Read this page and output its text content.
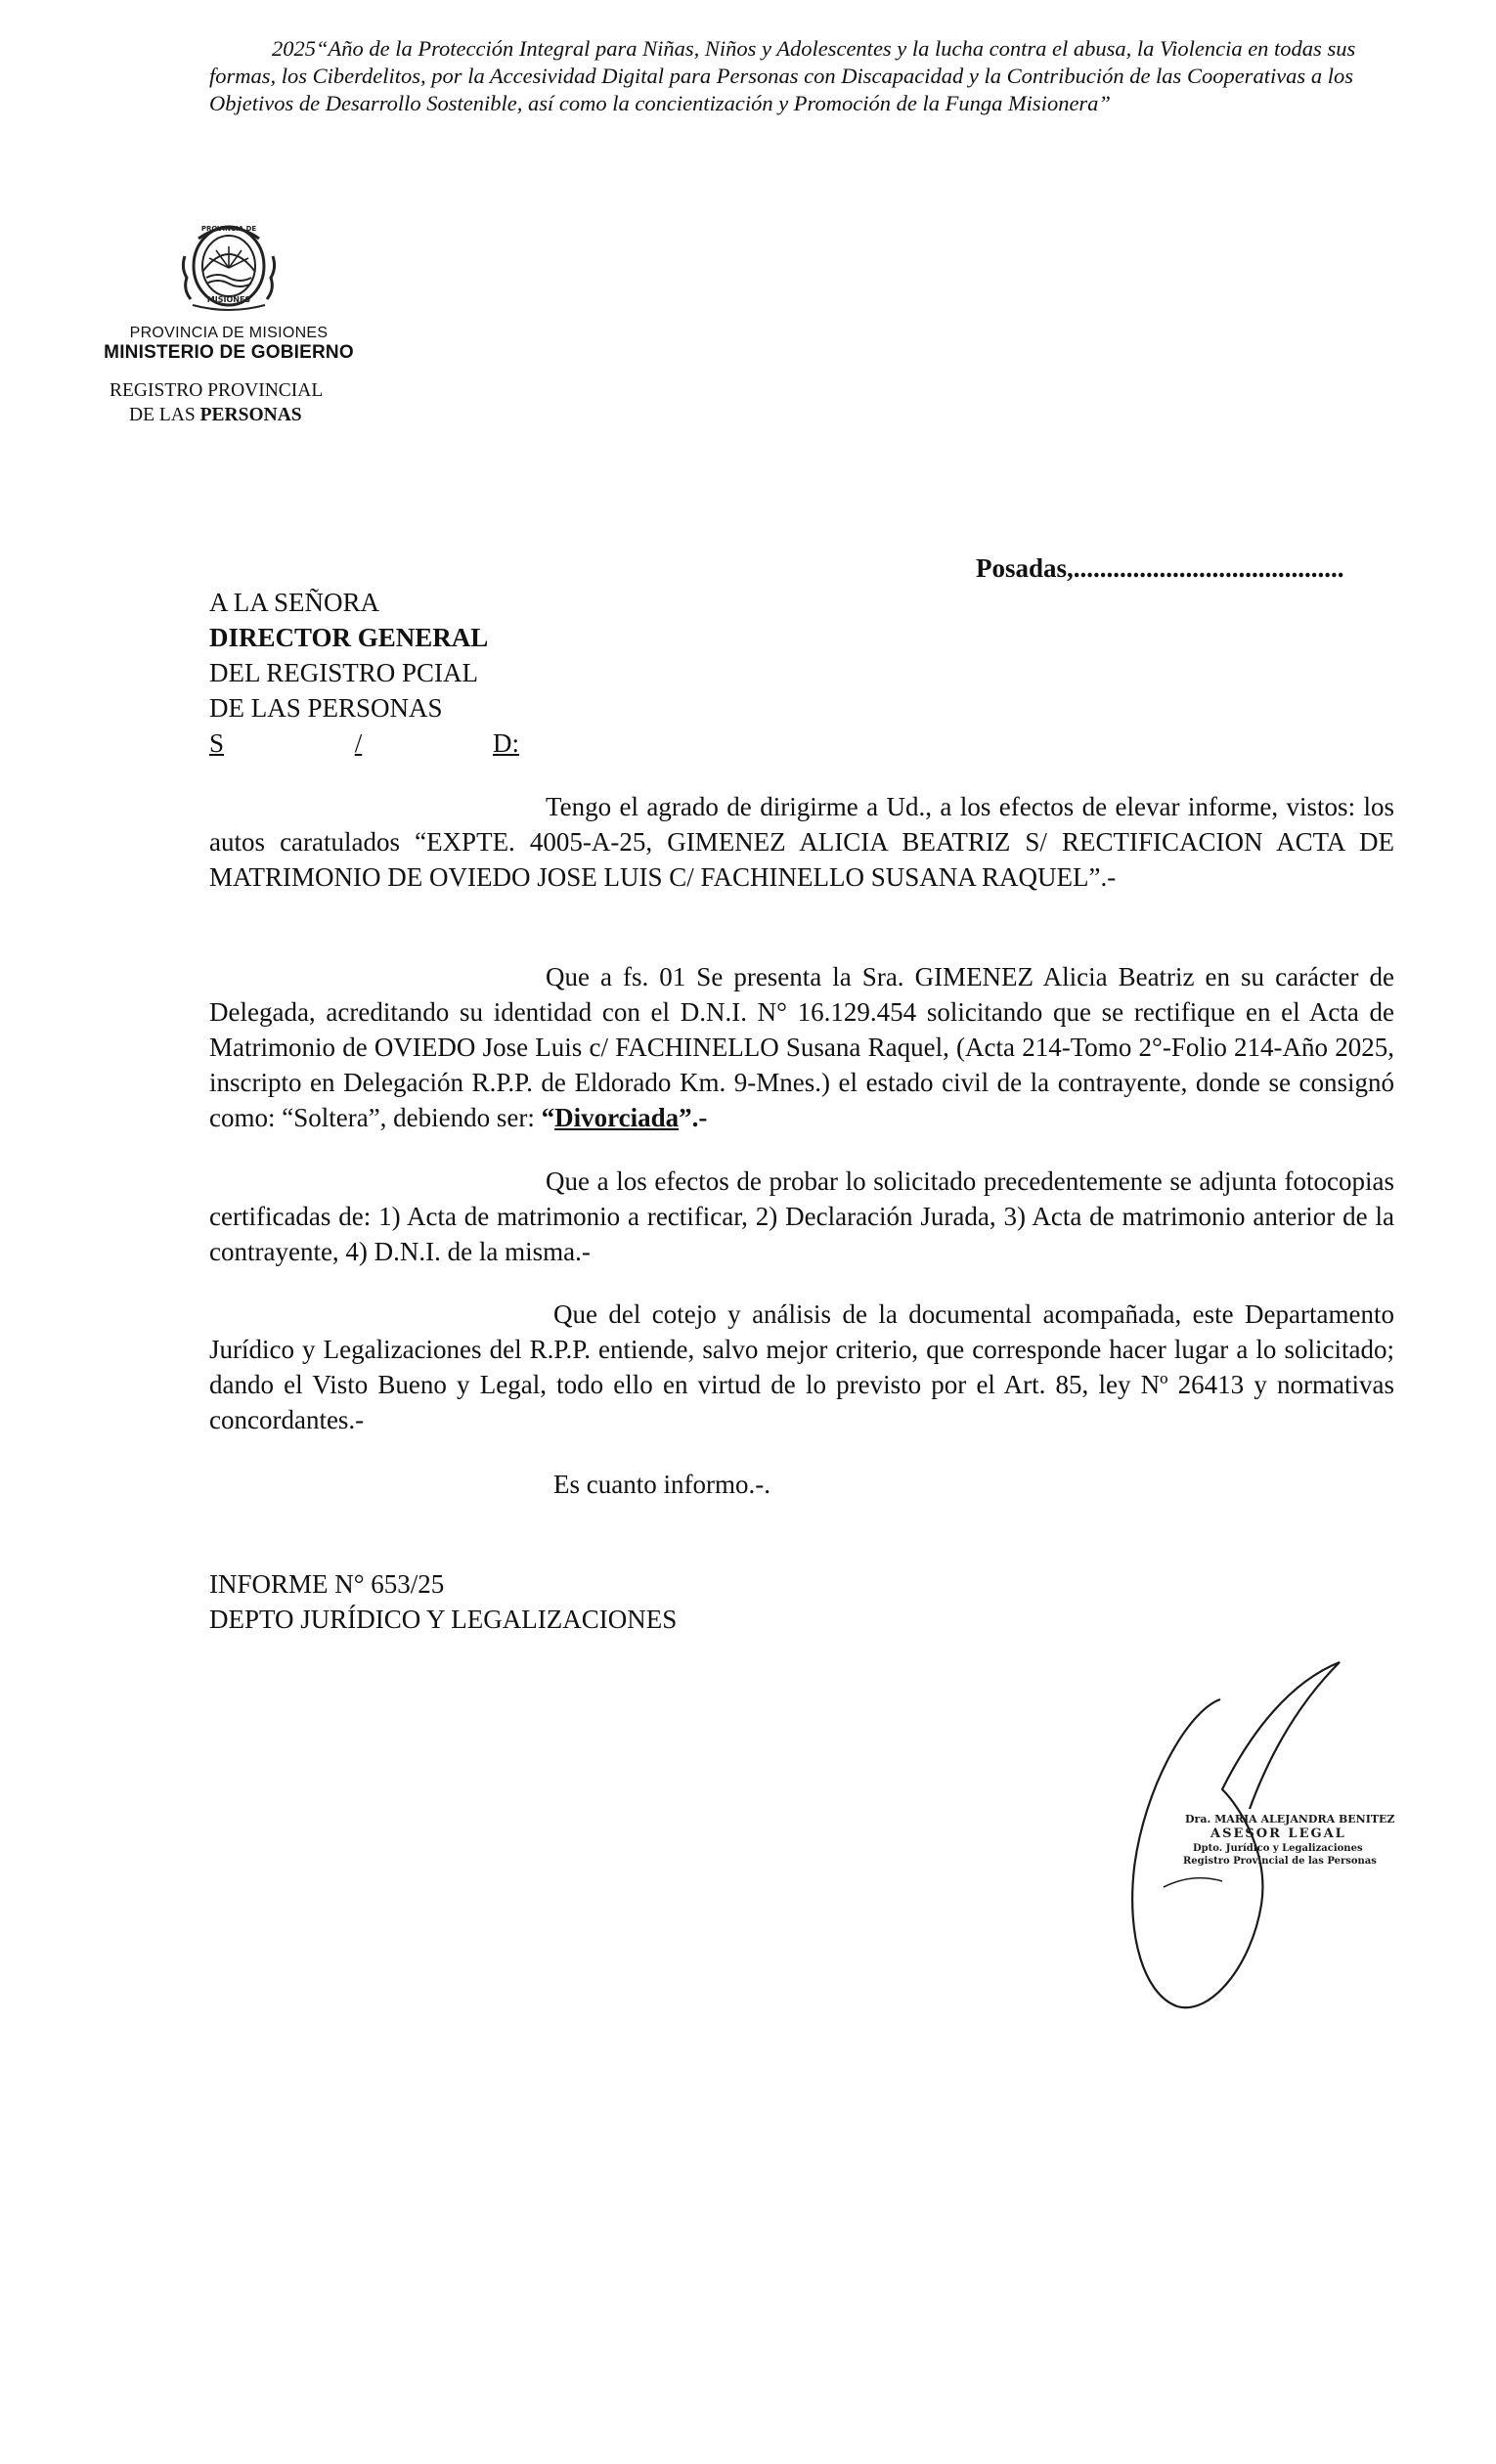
2025“Año de la Protección Integral para Niñas, Niños y Adolescentes y la lucha contra el abusa, la Violencia en todas sus formas, los Ciberdelitos, por la Accesividad Digital para Personas con Discapacidad y la Contribución de las Cooperativas a los Objetivos de Desarrollo Sostenible, así como la concientización y Promoción de la Funga Misionera”
PROVINCIA DE
MISIONES
PROVINCIA DE MISIONES
MINISTERIO DE GOBIERNO
REGISTRO PROVINCIAL
DE LAS PERSONAS
Posadas,.........................................
A LA SEÑORA
DIRECTOR GENERAL
DEL REGISTRO PCIAL
DE LAS PERSONAS
S	/	D:

Tengo el agrado de dirigirme a Ud., a los efectos de elevar informe, vistos: los autos caratulados “EXPTE. 4005-A-25, GIMENEZ ALICIA BEATRIZ S/ RECTIFICACION ACTA DE MATRIMONIO DE OVIEDO JOSE LUIS C/ FACHINELLO SUSANA RAQUEL”.-

Que a fs. 01 Se presenta la Sra. GIMENEZ Alicia Beatriz en su carácter de Delegada, acreditando su identidad con el D.N.I. N° 16.129.454 solicitando que se rectifique en el Acta de Matrimonio de OVIEDO Jose Luis c/ FACHINELLO Susana Raquel, (Acta 214-Tomo 2°-Folio 214-Año 2025, inscripto en Delegación R.P.P. de Eldorado Km. 9-Mnes.) el estado civil de la contrayente, donde se consignó como: “Soltera”, debiendo ser: “Divorciada”.-

Que a los efectos de probar lo solicitado precedentemente se adjunta fotocopias certificadas de: 1) Acta de matrimonio a rectificar, 2) Declaración Jurada, 3) Acta de matrimonio anterior de la contrayente, 4) D.N.I. de la misma.-

Que del cotejo y análisis de la documental acompañada, este Departamento Jurídico y Legalizaciones del R.P.P. entiende, salvo mejor criterio, que corresponde hacer lugar a lo solicitado; dando el Visto Bueno y Legal, todo ello en virtud de lo previsto por el Art. 85, ley Nº 26413 y normativas concordantes.-

Es cuanto informo.-.

INFORME N° 653/25
DEPTO JURÍDICO Y LEGALIZACIONES
Dra. MARIA ALEJANDRA BENITEZ
ASESOR LEGAL
Dpto. Jurídico y Legalizaciones
Registro Provincial de las Personas
